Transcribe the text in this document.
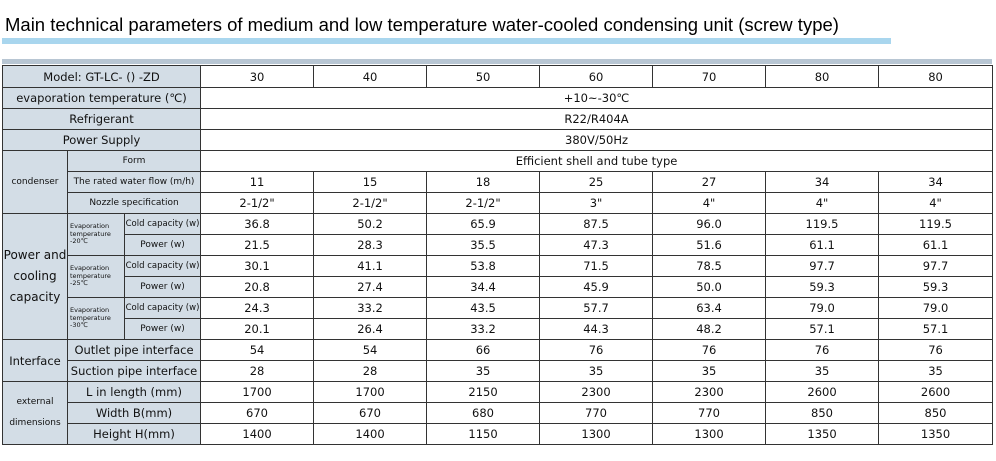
Main technical parameters of medium and low temperature water-cooled condensing unit (screw type)
Model: GT-LC- () -ZD			30	40	50	60	70	80	80
evaporation temperature (℃)			+10~-30℃						
Refrigerant			R22/R404A						
Power Supply			380V/50Hz						
condenser	Form		Efficient shell and tube type						
	The rated water flow (m/h)		11	15	18	25	27	34	34
	Nozzle specification		2-1/2"	2-1/2"	2-1/2"	3"	4"	4"	4"
Power and cooling capacity	Evaporation temperature -20℃	Cold capacity (w)	36.8	50.2	65.9	87.5	96.0	119.5	119.5
		Power (w)	21.5	28.3	35.5	47.3	51.6	61.1	61.1
	Evaporation temperature -25℃	Cold capacity (w)	30.1	41.1	53.8	71.5	78.5	97.7	97.7
		Power (w)	20.8	27.4	34.4	45.9	50.0	59.3	59.3
	Evaporation temperature -30℃	Cold capacity (w)	24.3	33.2	43.5	57.7	63.4	79.0	79.0
		Power (w)	20.1	26.4	33.2	44.3	48.2	57.1	57.1
Interface	Outlet pipe interface		54	54	66	76	76	76	76
	Suction pipe interface		28	28	35	35	35	35	35
external dimensions	L in length (mm)		1700	1700	2150	2300	2300	2600	2600
	Width B(mm)		670	670	680	770	770	850	850
	Height H(mm)		1400	1400	1150	1300	1300	1350	1350
